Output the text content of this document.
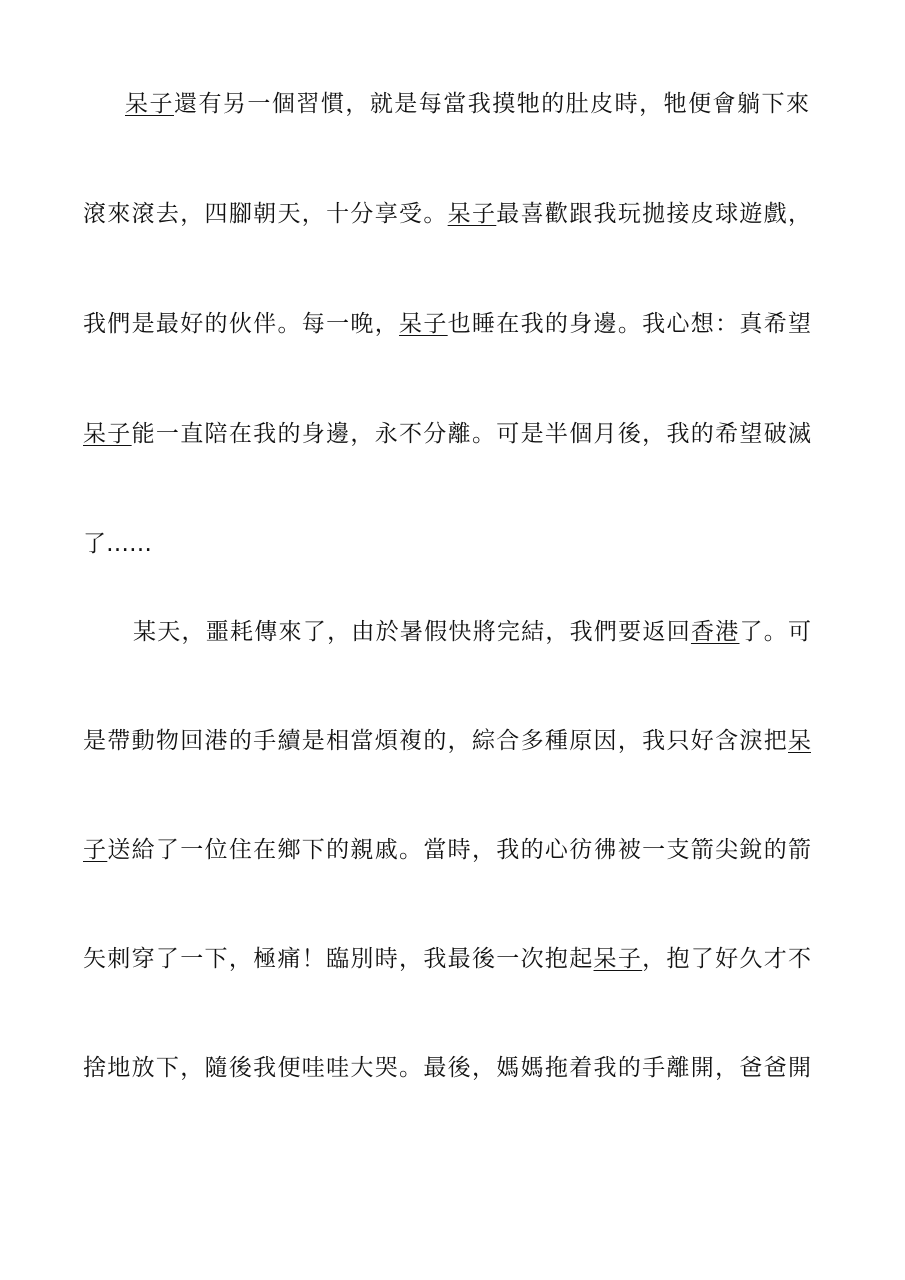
呆子還有另一個習慣，就是每當我摸牠的肚皮時，牠便會躺下來
滾來滾去，四腳朝天，十分享受。呆子最喜歡跟我玩拋接皮球遊戲，
我們是最好的伙伴。每一晚，呆子也睡在我的身邊。我心想：真希望
呆子能一直陪在我的身邊，永不分離。可是半個月後，我的希望破滅
了……
某天，噩耗傳來了，由於暑假快將完結，我們要返回香港了。可
是帶動物回港的手續是相當煩複的，綜合多種原因，我只好含淚把呆
子送給了一位住在鄉下的親戚。當時，我的心彷彿被一支箭尖銳的箭
矢刺穿了一下，極痛！臨別時，我最後一次抱起呆子，抱了好久才不
捨地放下，隨後我便哇哇大哭。最後，媽媽拖着我的手離開，爸爸開
